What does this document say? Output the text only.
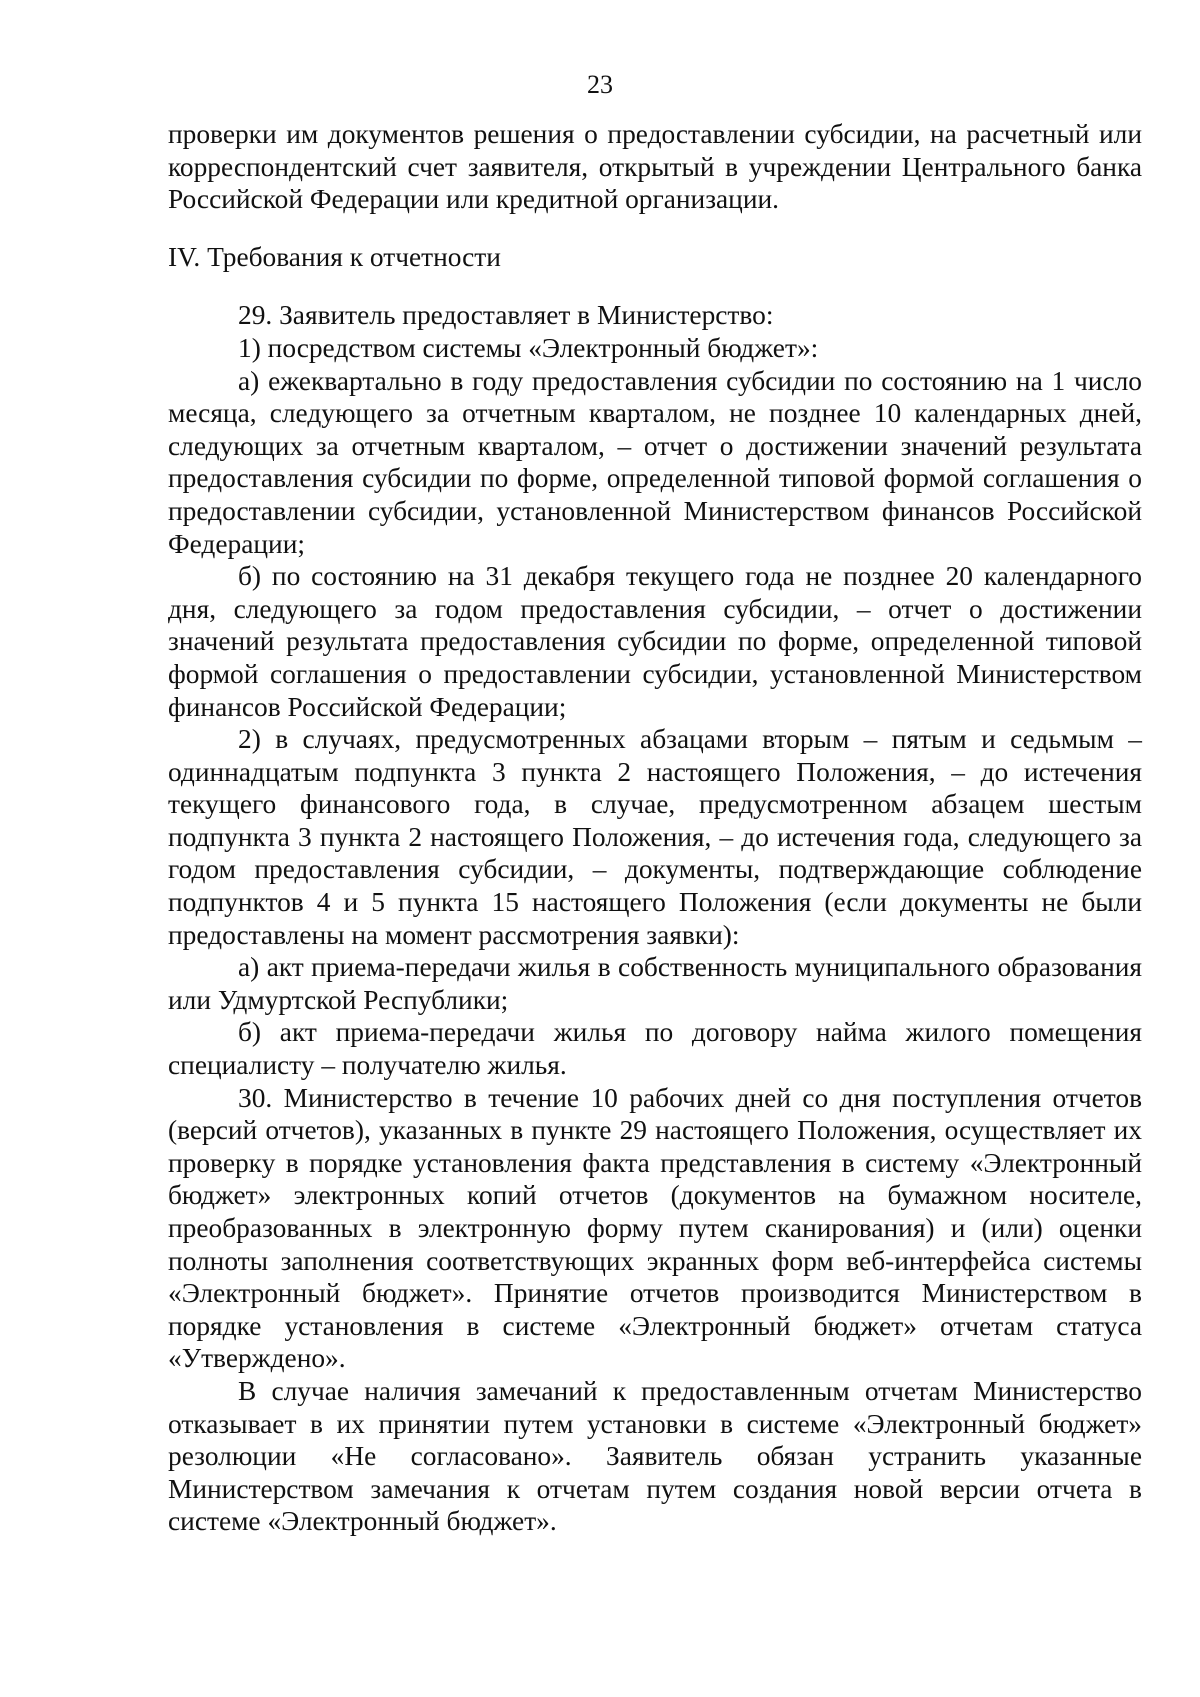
23

проверки им документов решения о предоставлении субсидии, на расчетный или корреспондентский счет заявителя, открытый в учреждении Центрального банка Российской Федерации или кредитной организации.

IV. Требования к отчетности

29. Заявитель предоставляет в Министерство:

1) посредством системы «Электронный бюджет»:

а) ежеквартально в году предоставления субсидии по состоянию на 1 число месяца, следующего за отчетным кварталом, не позднее 10 календарных дней, следующих за отчетным кварталом, – отчет о достижении значений результата предоставления субсидии по форме, определенной типовой формой соглашения о предоставлении субсидии, установленной Министерством финансов Российской Федерации;

б) по состоянию на 31 декабря текущего года не позднее 20 календарного дня, следующего за годом предоставления субсидии, – отчет о достижении значений результата предоставления субсидии по форме, определенной типовой формой соглашения о предоставлении субсидии, установленной Министерством финансов Российской Федерации;

2) в случаях, предусмотренных абзацами вторым – пятым и седьмым – одиннадцатым подпункта 3 пункта 2 настоящего Положения, – до истечения текущего финансового года, в случае, предусмотренном абзацем шестым подпункта 3 пункта 2 настоящего Положения, – до истечения года, следующего за годом предоставления субсидии, – документы, подтверждающие соблюдение подпунктов 4 и 5 пункта 15 настоящего Положения (если документы не были предоставлены на момент рассмотрения заявки):

а) акт приема-передачи жилья в собственность муниципального образования или Удмуртской Республики;

б) акт приема-передачи жилья по договору найма жилого помещения специалисту – получателю жилья.

30. Министерство в течение 10 рабочих дней со дня поступления отчетов (версий отчетов), указанных в пункте 29 настоящего Положения, осуществляет их проверку в порядке установления факта представления в систему «Электронный бюджет» электронных копий отчетов (документов на бумажном носителе, преобразованных в электронную форму путем сканирования) и (или) оценки полноты заполнения соответствующих экранных форм веб-интерфейса системы «Электронный бюджет». Принятие отчетов производится Министерством в порядке установления в системе «Электронный бюджет» отчетам статуса «Утверждено».

В случае наличия замечаний к предоставленным отчетам Министерство отказывает в их принятии путем установки в системе «Электронный бюджет» резолюции «Не согласовано». Заявитель обязан устранить указанные Министерством замечания к отчетам путем создания новой версии отчета в системе «Электронный бюджет».
